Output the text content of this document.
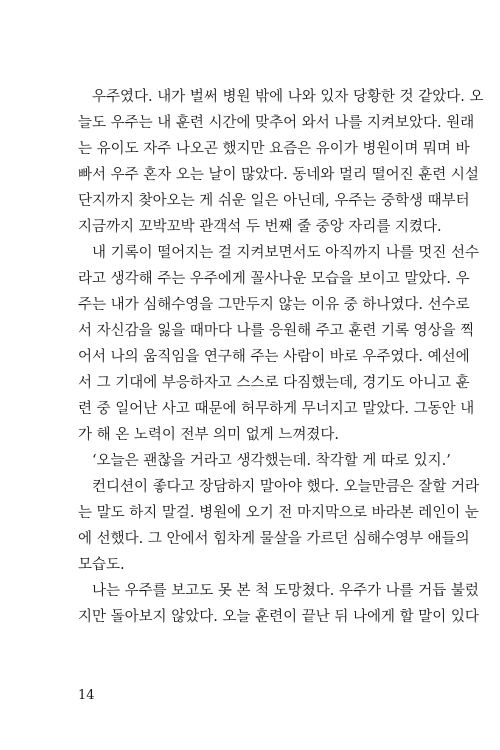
우주였다. 내가 벌써 병원 밖에 나와 있자 당황한 것 같았다. 오
늘도 우주는 내 훈련 시간에 맞추어 와서 나를 지켜보았다. 원래
는 유이도 자주 나오곤 했지만 요즘은 유이가 병원이며 뭐며 바
빠서 우주 혼자 오는 날이 많았다. 동네와 멀리 떨어진 훈련 시설
단지까지 찾아오는 게 쉬운 일은 아닌데, 우주는 중학생 때부터
지금까지 꼬박꼬박 관객석 두 번째 줄 중앙 자리를 지켰다.
내 기록이 떨어지는 걸 지켜보면서도 아직까지 나를 멋진 선수
라고 생각해 주는 우주에게 꼴사나운 모습을 보이고 말았다. 우
주는 내가 심해수영을 그만두지 않는 이유 중 하나였다. 선수로
서 자신감을 잃을 때마다 나를 응원해 주고 훈련 기록 영상을 찍
어서 나의 움직임을 연구해 주는 사람이 바로 우주였다. 예선에
서 그 기대에 부응하자고 스스로 다짐했는데, 경기도 아니고 훈
련 중 일어난 사고 때문에 허무하게 무너지고 말았다. 그동안 내
가 해 온 노력이 전부 의미 없게 느껴졌다.
‘오늘은 괜찮을 거라고 생각했는데. 착각할 게 따로 있지.’
컨디션이 좋다고 장담하지 말아야 했다. 오늘만큼은 잘할 거라
는 말도 하지 말걸. 병원에 오기 전 마지막으로 바라본 레인이 눈
에 선했다. 그 안에서 힘차게 물살을 가르던 심해수영부 애들의
모습도.
나는 우주를 보고도 못 본 척 도망쳤다. 우주가 나를 거듭 불렀
지만 돌아보지 않았다. 오늘 훈련이 끝난 뒤 나에게 할 말이 있다
14
